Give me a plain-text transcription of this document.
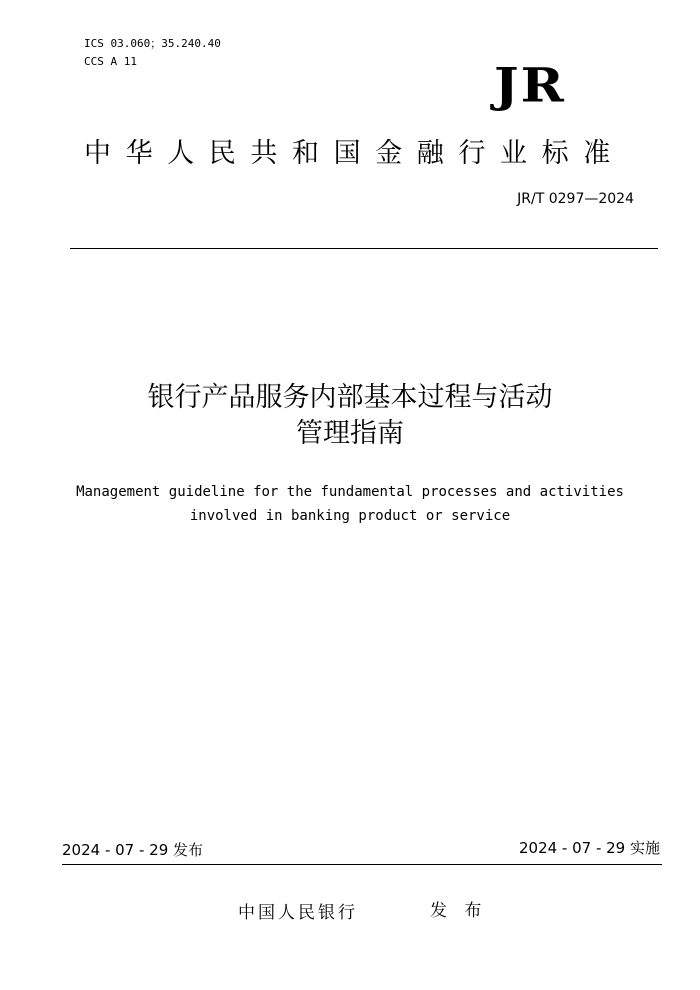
ICS 03.060；35.240.40
CCS A 11	JR
中华人民共和国金融行业标准
JR/T 0297—2024
银行产品服务内部基本过程与活动
管理指南
Management guideline for the fundamental processes and activities
involved in banking product or service
2024 - 07 - 29 发布	2024 - 07 - 29 实施
中国人民银行	发 布
